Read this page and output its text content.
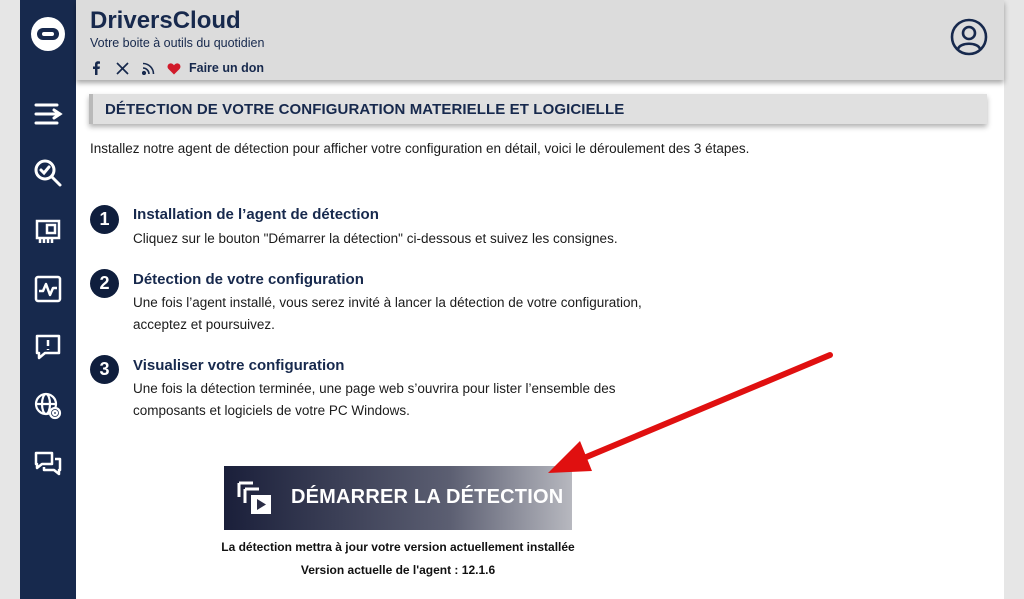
DriversCloud
Votre boite à outils du quotidien
Faire un don
DÉTECTION DE VOTRE CONFIGURATION MATERIELLE ET LOGICIELLE

Installez notre agent de détection pour afficher votre configuration en détail, voici le déroulement des 3 étapes.

1	Installation de l’agent de détection
Cliquez sur le bouton "Démarrer la détection" ci-dessous et suivez les consignes.
2	Détection de votre configuration
Une fois l’agent installé, vous serez invité à lancer la détection de votre configuration,
acceptez et poursuivez.
3	Visualiser votre configuration
Une fois la détection terminée, une page web s’ouvrira pour lister l’ensemble des
composants et logiciels de votre PC Windows.
DÉMARRER LA DÉTECTION
La détection mettra à jour votre version actuellement installée
Version actuelle de l'agent : 12.1.6
